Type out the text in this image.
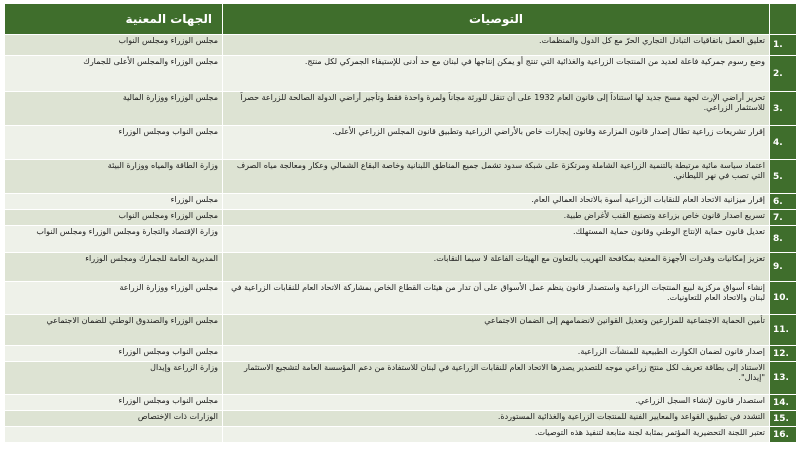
	التوصيات	الجهات المعنية
1.	تعليق العمل باتفاقيات التبادل التجاري الحرّ مع كل الدول والمنظمات.	مجلس الوزراء ومجلس النواب
2.	وضع رسوم جمركية فاعلة لعديد من المنتجات الزراعية والغذائية التي تنتج أو يمكن إنتاجها في لبنان مع حد أدنى للإستيفاء الجمركي لكل منتج.	مجلس الوزراء والمجلس الأعلى للجمارك
3.	تحرير أراضي الإرث لجهة مسح جديد لها استناداً إلى قانون العام 1932 على أن تنقل للورثة مجاناً ولمرة واحدة فقط وتأجير أراضي الدولة الصالحة للزراعة حصراً للاستثمار الزراعي.	مجلس الوزراء ووزارة المالية
4.	إقرار تشريعات زراعية تطال إصدار قانون المزارعة وقانون إيجارات خاص بالأراضي الزراعية وتطبيق قانون المجلس الزراعي الأعلى.	مجلس النواب ومجلس الوزراء
5.	اعتماد سياسة مائية مرتبطة بالتنمية الزراعية الشاملة ومرتكزة على شبكة سدود تشمل جميع المناطق اللبنانية وخاصة البقاع الشمالي وعكار ومعالجة مياه الصرف التي تصب في نهر الليطاني.	وزارة الطاقة والمياه ووزارة البيئة
6.	إقرار ميزانية الاتحاد العام للنقابات الزراعية أسوة بالاتحاد العمالي العام.	مجلس الوزراء
7.	تسريع اصدار قانون خاص بزراعة وتصنيع القنب لأغراض طبية.	مجلس الوزراء ومجلس النواب
8.	تعديل قانون حماية الإنتاج الوطني وقانون حماية المستهلك.	وزارة الإقتصاد والتجارة ومجلس الوزراء ومجلس النواب
9.	تعزيز إمكانيات وقدرات الأجهزة المعنية بمكافحة التهريب بالتعاون مع الهيئات الفاعلة لا سيما النقابات.	المديرية العامة للجمارك ومجلس الوزراء
10.	إنشاء أسواق مركزية لبيع المنتجات الزراعية واستصدار قانون ينظم عمل الأسواق على أن تدار من هيئات القطاع الخاص بمشاركة الاتحاد العام للنقابات الزراعية في لبنان والاتحاد العام للتعاونيات.	مجلس الوزراء ووزارة الزراعة
11.	تأمين الحماية الاجتماعية للمزارعين وتعديل القوانين لانضمامهم إلى الضمان الاجتماعي	مجلس الوزراء والصندوق الوطني للضمان الاجتماعي
12.	إصدار قانون لضمان الكوارث الطبيعية للمنشآت الزراعية.	مجلس النواب ومجلس الوزراء
13.	الاستناد إلى بطاقة تعريف لكل منتج زراعي موجه للتصدير يصدرها الاتحاد العام للنقابات الزراعية في لبنان للاستفادة من دعم المؤسسة العامة لتشجيع الاستثمار "إيدال".	وزارة الزراعة وإيدال
14.	استصدار قانون لإنشاء السجل الزراعي.	مجلس النواب ومجلس الوزراء
15.	التشدد في تطبيق القواعد والمعايير الفنية للمنتجات الزراعية والغذائية المستوردة.	الوزارات ذات الإختصاص
16.	تعتبر اللجنة التحضيرية المؤتمر بمثابة لجنة متابعة لتنفيذ هذه التوصيات.	
